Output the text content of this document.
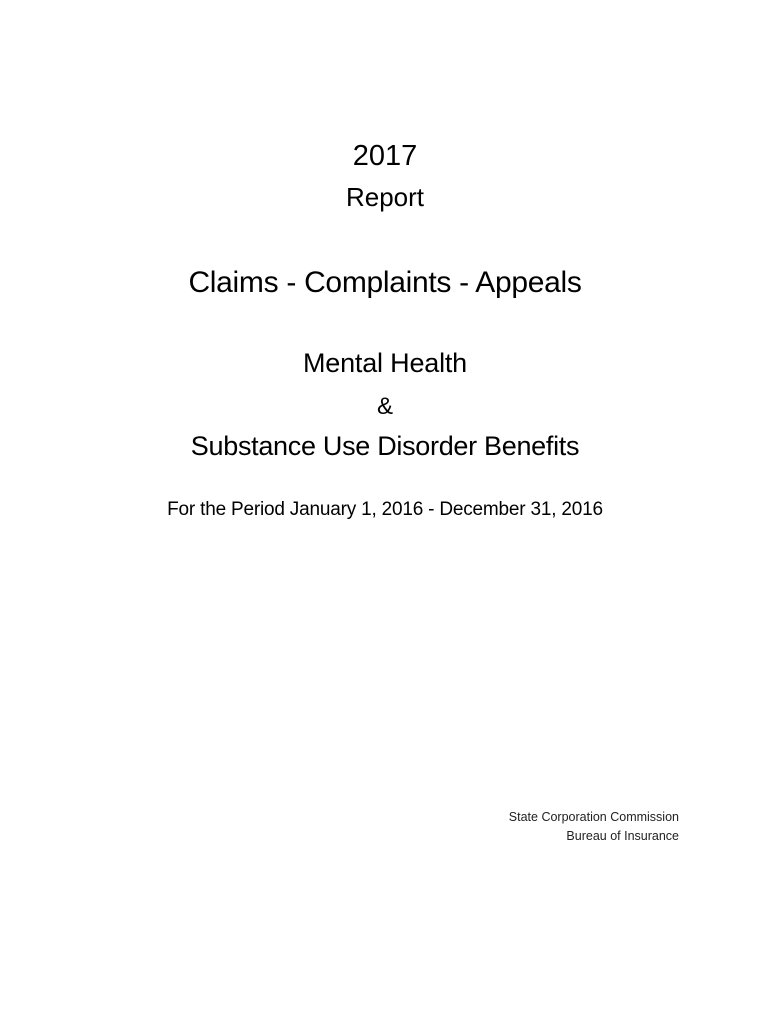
2017
Report
Claims - Complaints - Appeals
Mental Health
&
Substance Use Disorder Benefits
For the Period January 1, 2016 - December 31, 2016
State Corporation Commission
Bureau of Insurance
